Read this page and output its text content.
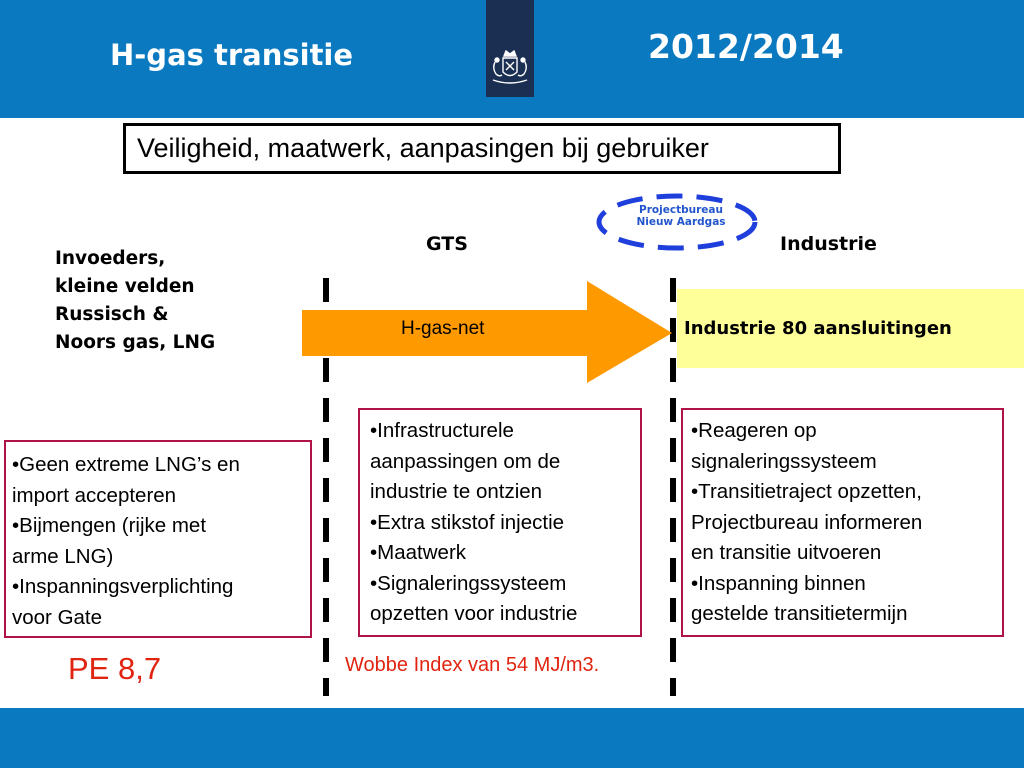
H-gas transitie	2012/2014
Veiligheid, maatwerk, aanpasingen bij gebruiker
Projectbureau
Nieuw Aardgas
GTS	Industrie
Invoeders,
kleine velden
Russisch &
Noors gas, LNG
H-gas-net	Industrie 80 aansluitingen
•Geen extreme LNG’s en
import accepteren
•Bijmengen (rijke met
arme LNG)
•Inspanningsverplichting
voor Gate
•Infrastructurele
aanpassingen om de
industrie te ontzien
•Extra stikstof injectie
•Maatwerk
•Signaleringssysteem
opzetten voor industrie
•Reageren op
signaleringssysteem
•Transitietraject opzetten,
Projectbureau informeren
en transitie uitvoeren
•Inspanning binnen
gestelde transitietermijn
PE 8,7	Wobbe Index van 54 MJ/m3.
